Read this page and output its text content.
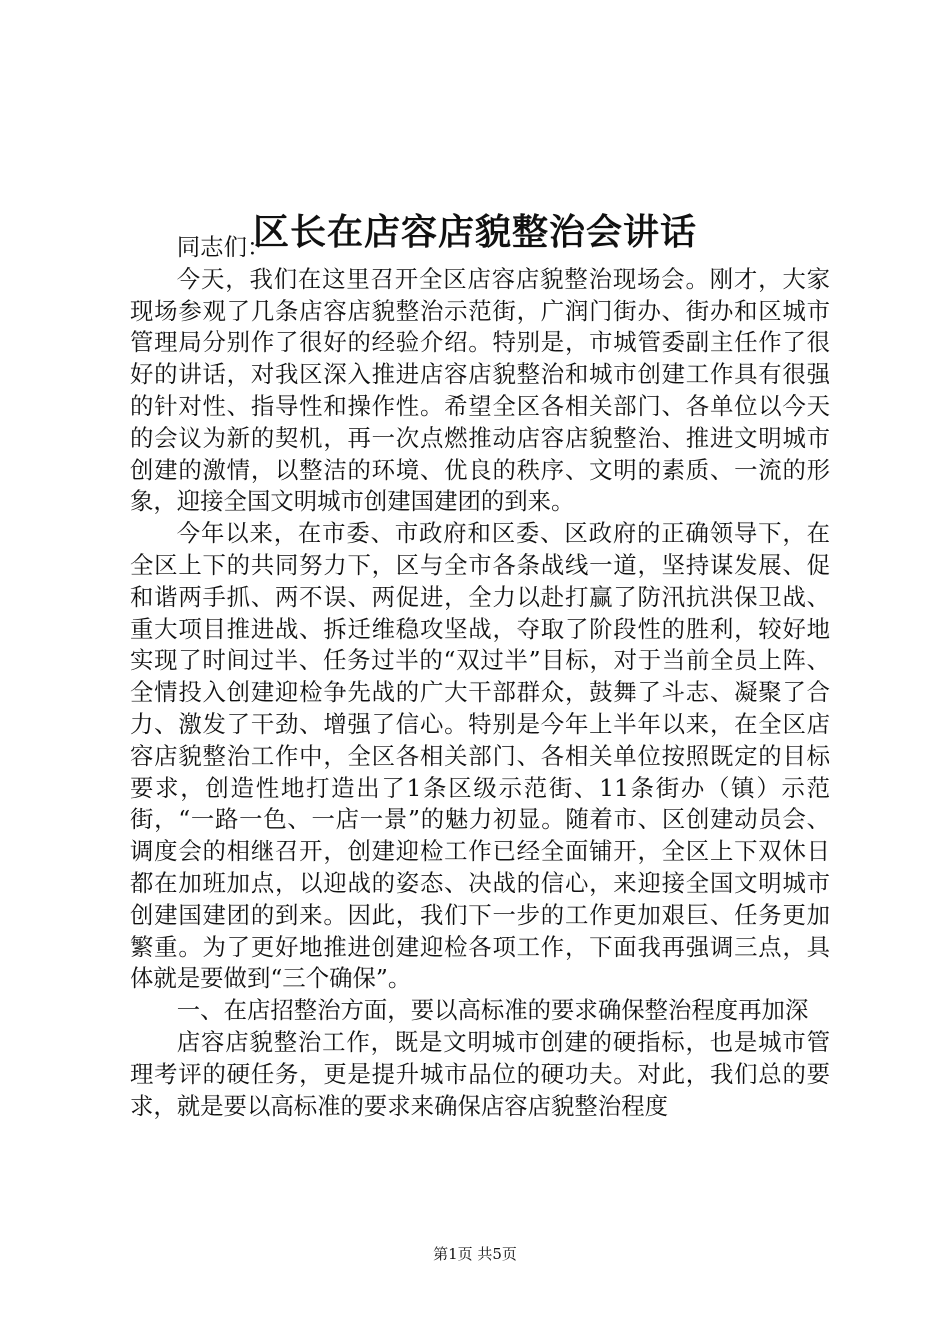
区长在店容店貌整治会讲话

同志们：

今天，我们在这里召开全区店容店貌整治现场会。刚才，大家现场参观了几条店容店貌整治示范街，广润门街办、街办和区城市管理局分别作了很好的经验介绍。特别是，市城管委副主任作了很好的讲话，对我区深入推进店容店貌整治和城市创建工作具有很强的针对性、指导性和操作性。希望全区各相关部门、各单位以今天的会议为新的契机，再一次点燃推动店容店貌整治、推进文明城市创建的激情，以整洁的环境、优良的秩序、文明的素质、一流的形象，迎接全国文明城市创建国建团的到来。

今年以来，在市委、市政府和区委、区政府的正确领导下，在全区上下的共同努力下，区与全市各条战线一道，坚持谋发展、促和谐两手抓、两不误、两促进，全力以赴打赢了防汛抗洪保卫战、重大项目推进战、拆迁维稳攻坚战，夺取了阶段性的胜利，较好地实现了时间过半、任务过半的“双过半”目标，对于当前全员上阵、全情投入创建迎检争先战的广大干部群众，鼓舞了斗志、凝聚了合力、激发了干劲、增强了信心。特别是今年上半年以来，在全区店容店貌整治工作中，全区各相关部门、各相关单位按照既定的目标要求，创造性地打造出了1条区级示范街、11条街办（镇）示范街，“一路一色、一店一景”的魅力初显。随着市、区创建动员会、调度会的相继召开，创建迎检工作已经全面铺开，全区上下双休日都在加班加点，以迎战的姿态、决战的信心，来迎接全国文明城市创建国建团的到来。因此，我们下一步的工作更加艰巨、任务更加繁重。为了更好地推进创建迎检各项工作，下面我再强调三点，具体就是要做到“三个确保”。

一、在店招整治方面，要以高标准的要求确保整治程度再加深

店容店貌整治工作，既是文明城市创建的硬指标，也是城市管理考评的硬任务，更是提升城市品位的硬功夫。对此，我们总的要求，就是要以高标准的要求来确保店容店貌整治程度

第1页 共5页
